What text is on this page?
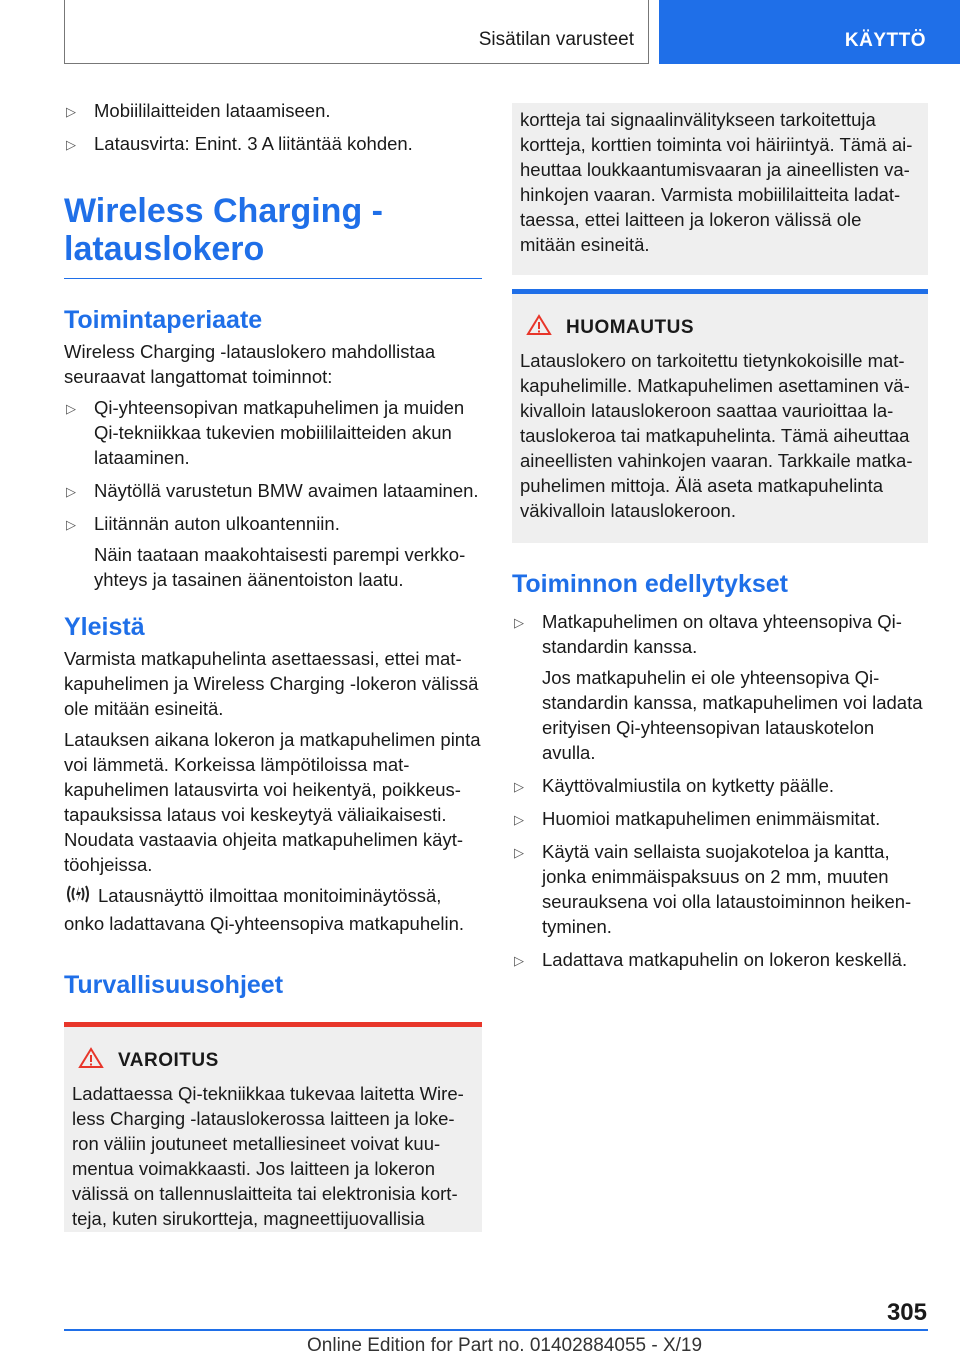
Sisätilan varusteet	KÄYTTÖ
▷ Mobiililaitteiden lataamiseen.
▷ Latausvirta: Enint. 3 A liitäntää kohden.
Wireless Charging -
latauslokero
Toimintaperiaate

Wireless Charging -latauslokero mahdollistaa seuraavat langattomat toiminnot:

▷ Qi-yhteensopivan matkapuhelimen ja muiden Qi-tekniikkaa tukevien mobiililaitteiden akun lataaminen.
▷ Näytöllä varustetun BMW avaimen lataaminen.
▷ Liitännän auton ulkoantenniin.
Näin taataan maakohtaisesti parempi verkkoyhteys ja tasainen äänentoiston laatu.
Yleistä

Varmista matkapuhelinta asettaessasi, ettei matkapuhelimen ja Wireless Charging -lokeron välissä ole mitään esineitä.

Latauksen aikana lokeron ja matkapuhelimen pinta voi lämmetä. Korkeissa lämpötiloissa matkapuhelimen latausvirta voi heikentyä, poikkeustapauksissa lataus voi keskeytyä väliaikaisesti. Noudata vastaavia ohjeita matkapuhelimen käyttöohjeissa.

Latausnäyttö ilmoittaa monitoiminäytössä, onko ladattavana Qi-yhteensopiva matkapuhelin.

Turvallisuusohjeet
VAROITUS

Ladattaessa Qi-tekniikkaa tukevaa laitetta Wireless Charging -latauslokerossa laitteen ja lokeron väliin joutuneet metalliesineet voivat kuumentua voimakkaasti. Jos laitteen ja lokeron välissä on tallennuslaitteita tai elektronisia kortteja, kuten sirukortteja, magneettijuovallisia

kortteja tai signaalinvälitykseen tarkoitettuja kortteja, korttien toiminta voi häiriintyä. Tämä aiheuttaa loukkaantumisvaaran ja aineellisten vahinkojen vaaran. Varmista mobiililaitteita ladattaessa, ettei laitteen ja lokeron välissä ole mitään esineitä.

HUOMAUTUS

Latauslokero on tarkoitettu tietynkokoisille matkapuhelimille. Matkapuhelimen asettaminen väkivalloin latauslokeroon saattaa vaurioittaa latauslokeroa tai matkapuhelinta. Tämä aiheuttaa aineellisten vahinkojen vaaran. Tarkkaile matkapuhelimen mittoja. Älä aseta matkapuhelinta väkivalloin latauslokeroon.

Toiminnon edellytykset
▷ Matkapuhelimen on oltava yhteensopiva Qi-standardin kanssa.
Jos matkapuhelin ei ole yhteensopiva Qi-standardin kanssa, matkapuhelimen voi ladata erityisen Qi-yhteensopivan latauskotelon avulla.
▷ Käyttövalmiustila on kytketty päälle.
▷ Huomioi matkapuhelimen enimmäismitat.
▷ Käytä vain sellaista suojakoteloa ja kantta, jonka enimmäispaksuus on 2 mm, muuten seurauksena voi olla lataustoiminnon heikentyminen.
▷ Ladattava matkapuhelin on lokeron keskellä.
305
Online Edition for Part no. 01402884055 - X/19
